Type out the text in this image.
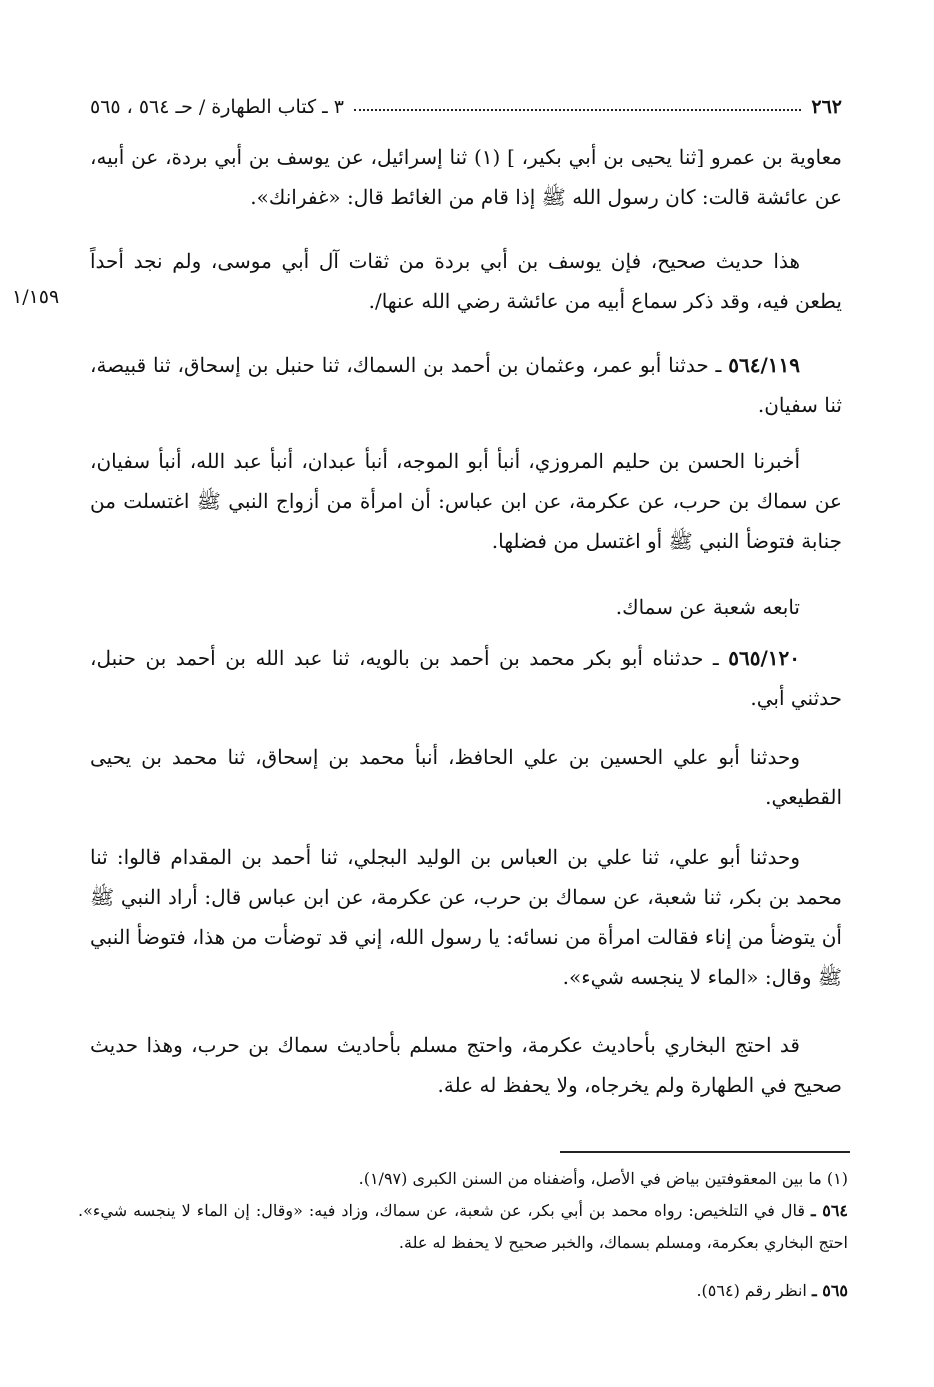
٢٦٢
٣ ـ كتاب الطهارة / حـ ٥٦٤ ، ٥٦٥
معاوية بن عمرو [ثنا يحيى بن أبي بكير، ] (١) ثنا إسرائيل، عن يوسف بن أبي بردة، عن أبيه، عن عائشة قالت: كان رسول الله ﷺ إذا قام من الغائط قال: «غفرانك».
هذا حديث صحيح، فإن يوسف بن أبي بردة من ثقات آل أبي موسى، ولم نجد أحداً يطعن فيه، وقد ذكر سماع أبيه من عائشة رضي الله عنها/.
١/١٥٩
٥٦٤/١١٩ ـ حدثنا أبو عمر، وعثمان بن أحمد بن السماك، ثنا حنبل بن إسحاق، ثنا قبيصة، ثنا سفيان.
أخبرنا الحسن بن حليم المروزي، أنبأ أبو الموجه، أنبأ عبدان، أنبأ عبد الله، أنبأ سفيان، عن سماك بن حرب، عن عكرمة، عن ابن عباس: أن امرأة من أزواج النبي ﷺ اغتسلت من جنابة فتوضأ النبي ﷺ أو اغتسل من فضلها.
تابعه شعبة عن سماك.
٥٦٥/١٢٠ ـ حدثناه أبو بكر محمد بن أحمد بن بالويه، ثنا عبد الله بن أحمد بن حنبل، حدثني أبي.
وحدثنا أبو علي الحسين بن علي الحافظ، أنبأ محمد بن إسحاق، ثنا محمد بن يحيى القطيعي.
وحدثنا أبو علي، ثنا علي بن العباس بن الوليد البجلي، ثنا أحمد بن المقدام قالوا: ثنا محمد بن بكر، ثنا شعبة، عن سماك بن حرب، عن عكرمة، عن ابن عباس قال: أراد النبي ﷺ أن يتوضأ من إناء فقالت امرأة من نسائه: يا رسول الله، إني قد توضأت من هذا، فتوضأ النبي ﷺ وقال: «الماء لا ينجسه شيء».
قد احتج البخاري بأحاديث عكرمة، واحتج مسلم بأحاديث سماك بن حرب، وهذا حديث صحيح في الطهارة ولم يخرجاه، ولا يحفظ له علة.
(١) ما بين المعقوفتين بياض في الأصل، وأضفناه من السنن الكبرى (١/٩٧).
٥٦٤ ـ قال في التلخيص: رواه محمد بن أبي بكر، عن شعبة، عن سماك، وزاد فيه: «وقال: إن الماء لا ينجسه شيء». احتج البخاري بعكرمة، ومسلم بسماك، والخبر صحيح لا يحفظ له علة.
٥٦٥ ـ انظر رقم (٥٦٤).
